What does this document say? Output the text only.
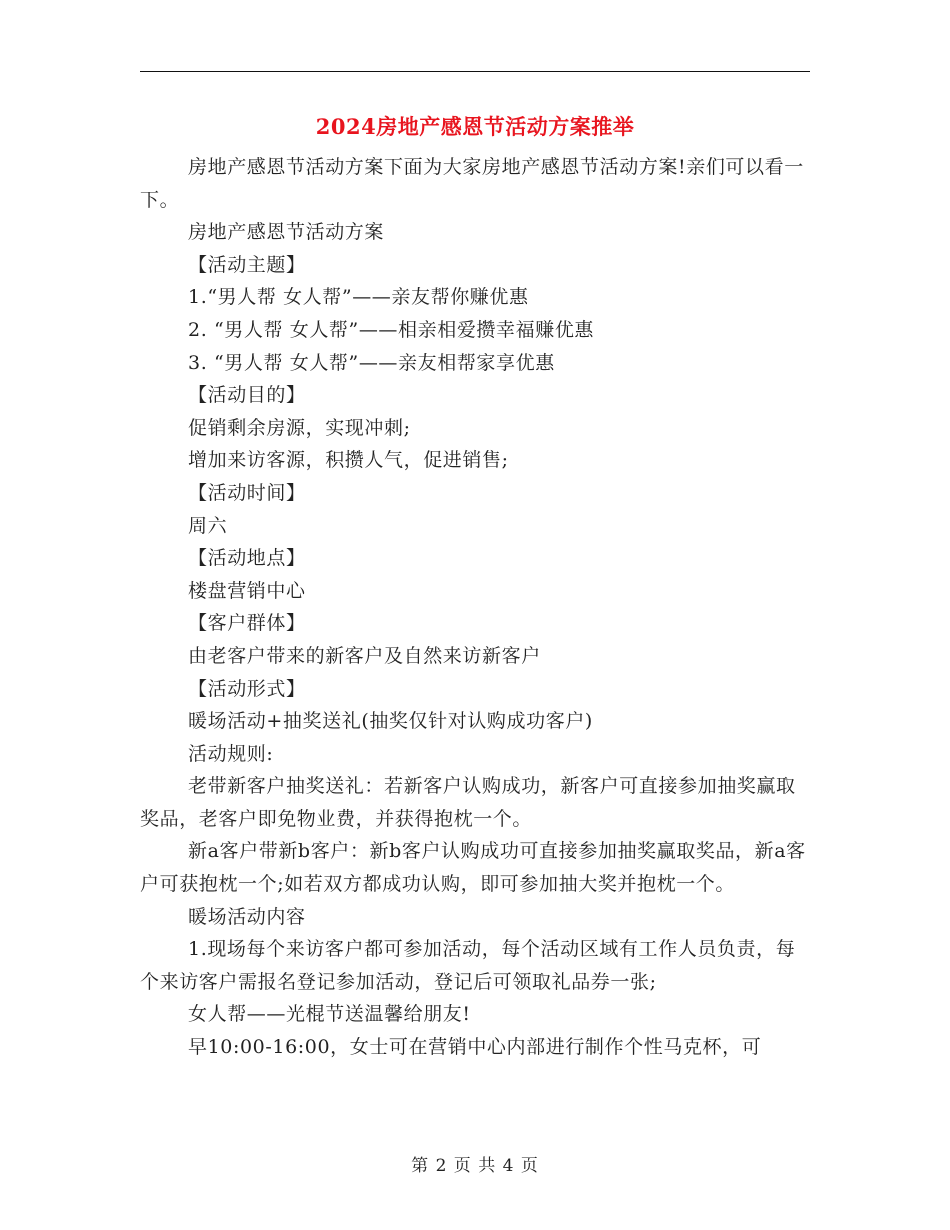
2024房地产感恩节活动方案推举

房地产感恩节活动方案下面为大家房地产感恩节活动方案!亲们可以看一下。

房地产感恩节活动方案

【活动主题】

1.“男人帮 女人帮”——亲友帮你赚优惠

2. “男人帮 女人帮”——相亲相爱攒幸福赚优惠

3. “男人帮 女人帮”——亲友相帮家享优惠

【活动目的】

促销剩余房源，实现冲刺;

增加来访客源，积攒人气，促进销售;

【活动时间】

周六

【活动地点】

楼盘营销中心

【客户群体】

由老客户带来的新客户及自然来访新客户

【活动形式】

暖场活动+抽奖送礼(抽奖仅针对认购成功客户)

活动规则:

老带新客户抽奖送礼：若新客户认购成功，新客户可直接参加抽奖赢取奖品，老客户即免物业费，并获得抱枕一个。

新a客户带新b客户：新b客户认购成功可直接参加抽奖赢取奖品，新a客户可获抱枕一个;如若双方都成功认购，即可参加抽大奖并抱枕一个。

暖场活动内容

1.现场每个来访客户都可参加活动，每个活动区域有工作人员负责，每个来访客户需报名登记参加活动，登记后可领取礼品券一张;

女人帮——光棍节送温馨给朋友!

早10:00-16:00，女士可在营销中心内部进行制作个性马克杯，可

第 2 页 共 4 页
